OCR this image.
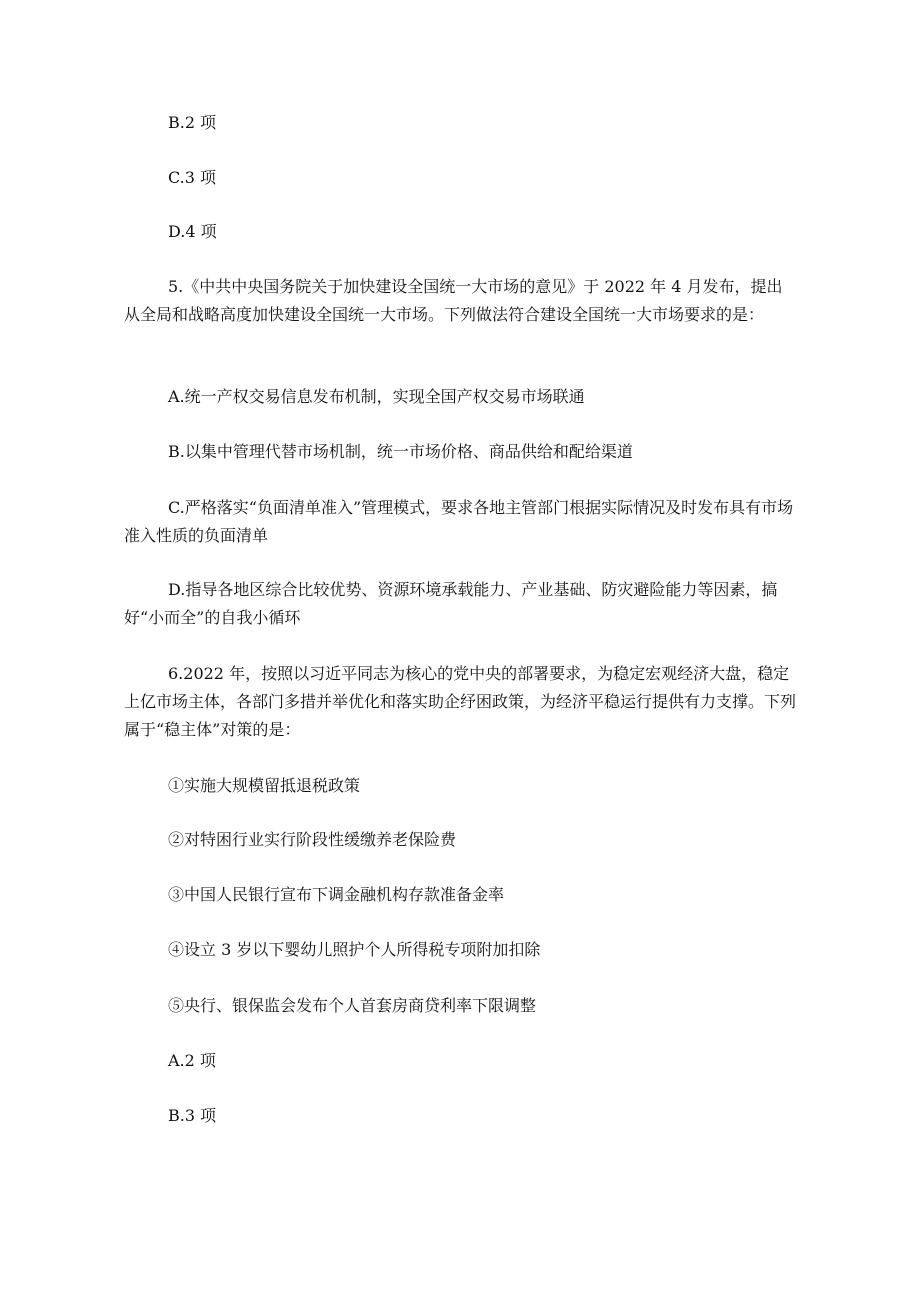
B.2 项

C.3 项

D.4 项

5.《中共中央国务院关于加快建设全国统一大市场的意见》于 2022 年 4 月发布，提出从全局和战略高度加快建设全国统一大市场。下列做法符合建设全国统一大市场要求的是：

A.统一产权交易信息发布机制，实现全国产权交易市场联通

B.以集中管理代替市场机制，统一市场价格、商品供给和配给渠道

C.严格落实“负面清单准入”管理模式，要求各地主管部门根据实际情况及时发布具有市场准入性质的负面清单

D.指导各地区综合比较优势、资源环境承载能力、产业基础、防灾避险能力等因素，搞好“小而全”的自我小循环

6.2022 年，按照以习近平同志为核心的党中央的部署要求，为稳定宏观经济大盘，稳定上亿市场主体，各部门多措并举优化和落实助企纾困政策，为经济平稳运行提供有力支撑。下列属于“稳主体”对策的是：

①实施大规模留抵退税政策

②对特困行业实行阶段性缓缴养老保险费

③中国人民银行宣布下调金融机构存款准备金率

④设立 3 岁以下婴幼儿照护个人所得税专项附加扣除

⑤央行、银保监会发布个人首套房商贷利率下限调整

A.2 项

B.3 项
